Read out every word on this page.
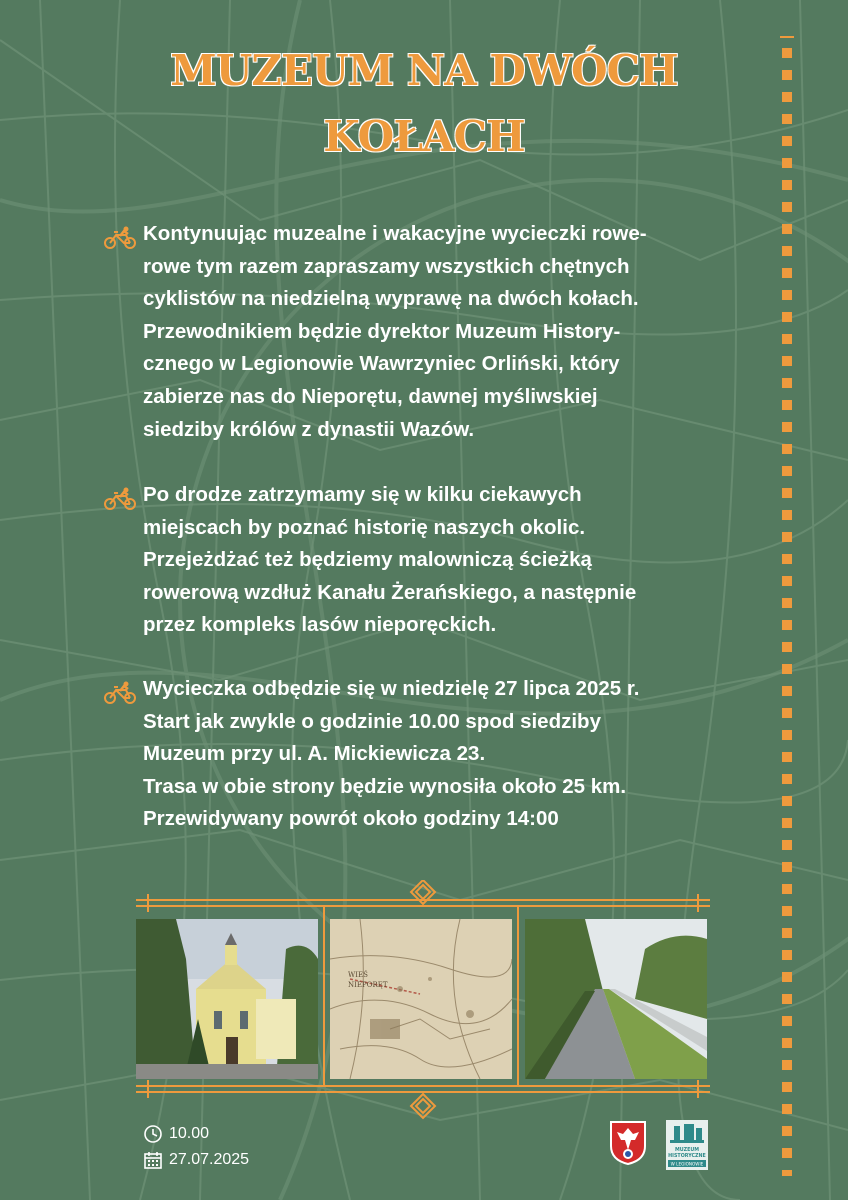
MUZEUM NA DWÓCH
KOŁACH
Kontynuując muzealne i wakacyjne wycieczki rowe-
rowe tym razem zapraszamy wszystkich chętnych
cyklistów na niedzielną wyprawę na dwóch kołach.
Przewodnikiem będzie dyrektor Muzeum History-
cznego w Legionowie Wawrzyniec Orliński, który
zabierze nas do Nieporętu, dawnej myśliwskiej
siedziby królów z dynastii Wazów.
Po drodze zatrzymamy się w kilku ciekawych
miejscach by poznać historię naszych okolic.
Przejeżdżać też będziemy malowniczą ścieżką
rowerową wzdłuż Kanału Żerańskiego, a następnie
przez kompleks lasów nieporęckich.
Wycieczka odbędzie się w niedzielę 27 lipca 2025 r.
Start jak zwykle o godzinie 10.00 spod siedziby
Muzeum przy ul. A. Mickiewicza 23.
Trasa w obie strony będzie wynosiła około 25 km.
Przewidywany powrót około godziny 14:00
WIEŚ
NIEPORĘT
10.00
27.07.2025
MUZEUM
HISTORYCZNE
W LEGIONOWIE
